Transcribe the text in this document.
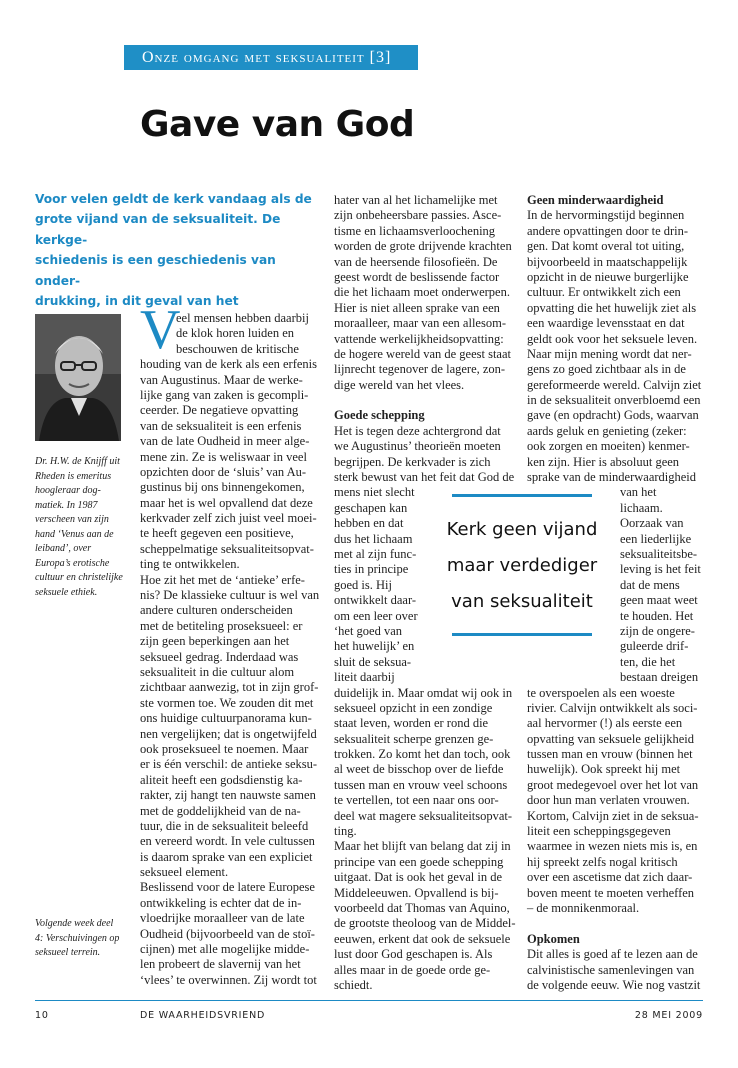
Onze omgang met seksualiteit [3]
Gave van God
Voor velen geldt de kerk vandaag als de
grote vijand van de seksualiteit. De kerkge-
schiedenis is een geschiedenis van onder-
drukking, in dit geval van het
Dr. H.W. de Knijff uit
Rheden is emeritus
hoogleraar dog-
matiek. In 1987
verscheen van zijn
hand ‘Venus aan de
leiband’, over
Europa’s erotische
cultuur en christelijke
seksuele ethiek.
Volgende week deel
4: Verschuivingen op
seksueel terrein.
V
eel mensen hebben daarbij
de klok horen luiden en
beschouwen de kritische
houding van de kerk als een erfenis
van Augustinus. Maar de werke-
lijke gang van zaken is gecompli-
ceerder. De negatieve opvatting
van de seksualiteit is een erfenis
van de late Oudheid in meer alge-
mene zin. Ze is weliswaar in veel
opzichten door de ‘sluis’ van Au-
gustinus bij ons binnengekomen,
maar het is wel opvallend dat deze
kerkvader zelf zich juist veel moei-
te heeft gegeven een positieve,
scheppelmatige seksualiteitsopvat-
ting te ontwikkelen.
Hoe zit het met de ‘antieke’ erfe-
nis? De klassieke cultuur is wel van
andere culturen onderscheiden
met de betiteling proseksueel: er
zijn geen beperkingen aan het
seksueel gedrag. Inderdaad was
seksualiteit in die cultuur alom
zichtbaar aanwezig, tot in zijn grof-
ste vormen toe. We zouden dit met
ons huidige cultuurpanorama kun-
nen vergelijken; dat is ongetwijfeld
ook proseksueel te noemen. Maar
er is één verschil: de antieke seksu-
aliteit heeft een godsdienstig ka-
rakter, zij hangt ten nauwste samen
met de goddelijkheid van de na-
tuur, die in de seksualiteit beleefd
en vereerd wordt. In vele cultussen
is daarom sprake van een expliciet
seksueel element.
Beslissend voor de latere Europese
ontwikkeling is echter dat de in-
vloedrijke moraalleer van de late
Oudheid (bijvoorbeeld van de stoï-
cijnen) met alle mogelijke midde-
len probeert de slavernij van het
‘vlees’ te overwinnen. Zij wordt tot
hater van al het lichamelijke met
zijn onbeheersbare passies. Asce-
tisme en lichaamsverloochening
worden de grote drijvende krachten
van de heersende filosofieën. De
geest wordt de beslissende factor
die het lichaam moet onderwerpen.
Hier is niet alleen sprake van een
moraalleer, maar van een allesom-
vattende werkelijkheidsopvatting:
de hogere wereld van de geest staat
lijnrecht tegenover de lagere, zon-
dige wereld van het vlees.
Goede schepping
Het is tegen deze achtergrond dat
we Augustinus’ theorieën moeten
begrijpen. De kerkvader is zich
sterk bewust van het feit dat God de
mens niet slecht
geschapen kan
hebben en dat
dus het lichaam
met al zijn func-
ties in principe
goed is. Hij
ontwikkelt daar-
om een leer over
‘het goed van
het huwelijk’ en
sluit de seksua-
liteit daarbij
duidelijk in. Maar omdat wij ook in
seksueel opzicht in een zondige
staat leven, worden er rond die
seksualiteit scherpe grenzen ge-
trokken. Zo komt het dan toch, ook
al weet de bisschop over de liefde
tussen man en vrouw veel schoons
te vertellen, tot een naar ons oor-
deel wat magere seksualiteitsopvat-
ting.
Maar het blijft van belang dat zij in
principe van een goede schepping
uitgaat. Dat is ook het geval in de
Middeleeuwen. Opvallend is bij-
voorbeeld dat Thomas van Aquino,
de grootste theoloog van de Middel-
eeuwen, erkent dat ook de seksuele
lust door God geschapen is. Als
alles maar in de goede orde ge-
schiedt.
Geen minderwaardigheid
In de hervormingstijd beginnen
andere opvattingen door te drin-
gen. Dat komt overal tot uiting,
bijvoorbeeld in maatschappelijk
opzicht in de nieuwe burgerlijke
cultuur. Er ontwikkelt zich een
opvatting die het huwelijk ziet als
een waardige levensstaat en dat
geldt ook voor het seksuele leven.
Naar mijn mening wordt dat ner-
gens zo goed zichtbaar als in de
gereformeerde wereld. Calvijn ziet
in de seksualiteit onverbloemd een
gave (en opdracht) Gods, waarvan
aards geluk en genieting (zeker:
ook zorgen en moeiten) kenmer-
ken zijn. Hier is absoluut geen
sprake van de minderwaardigheid
van het
lichaam.
Oorzaak van
een liederlijke
seksualiteitsbe-
leving is het feit
dat de mens
geen maat weet
te houden. Het
zijn de ongere-
guleerde drif-
ten, die het
bestaan dreigen
te overspoelen als een woeste
rivier. Calvijn ontwikkelt als soci-
aal hervormer (!) als eerste een
opvatting van seksuele gelijkheid
tussen man en vrouw (binnen het
huwelijk). Ook spreekt hij met
groot medegevoel over het lot van
door hun man verlaten vrouwen.
Kortom, Calvijn ziet in de seksua-
liteit een scheppingsgegeven
waarmee in wezen niets mis is, en
hij spreekt zelfs nogal kritisch
over een ascetisme dat zich daar-
boven meent te moeten verheffen
– de monnikenmoraal.
Opkomen
Dit alles is goed af te lezen aan de
calvinistische samenlevingen van
de volgende eeuw. Wie nog vastzit
Kerk geen vijand
maar verdediger
van seksualiteit
10	DE WAARHEIDSVRIEND	28 MEI 2009
